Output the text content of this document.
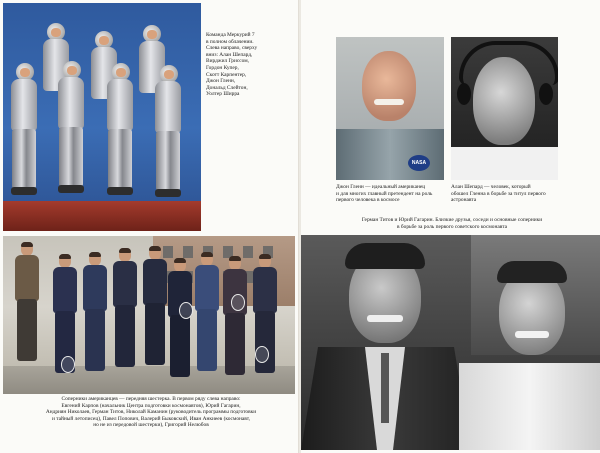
Команда Меркурий 7
в полном облачении.
Слева направо, сверху
вниз: Алан Шепард,
Вирджил Гриссом,
Гордон Купер,
Скотт Карпентер,
Джон Гленн,
Дональд Слейтон,
Уолтер Ширра
Соперники американцев — передняя шестерка. В первом ряду слева направо:
Евгений Карпов (начальник Центра подготовки космонавтов), Юрий Гагарин,
Андриян Николаев, Герман Титов, Николай Каманин (руководитель программы подготовки
и тайный летописец), Павел Попович, Валерий Быковский, Иван Анкиеев (космонавт,
но не из передовой шестерки), Григорий Нелюбов
NASA
Джон Гленн — идеальный американец
и для многих главный претендент на роль
первого человека в космосе
Алан Шепард — человек, который
обошел Гленна в борьбе за титул первого
астронавта
Герман Титов и Юрий Гагарин. Близкие друзья, соседи и основные соперники
в борьбе за роль первого советского космонавта
